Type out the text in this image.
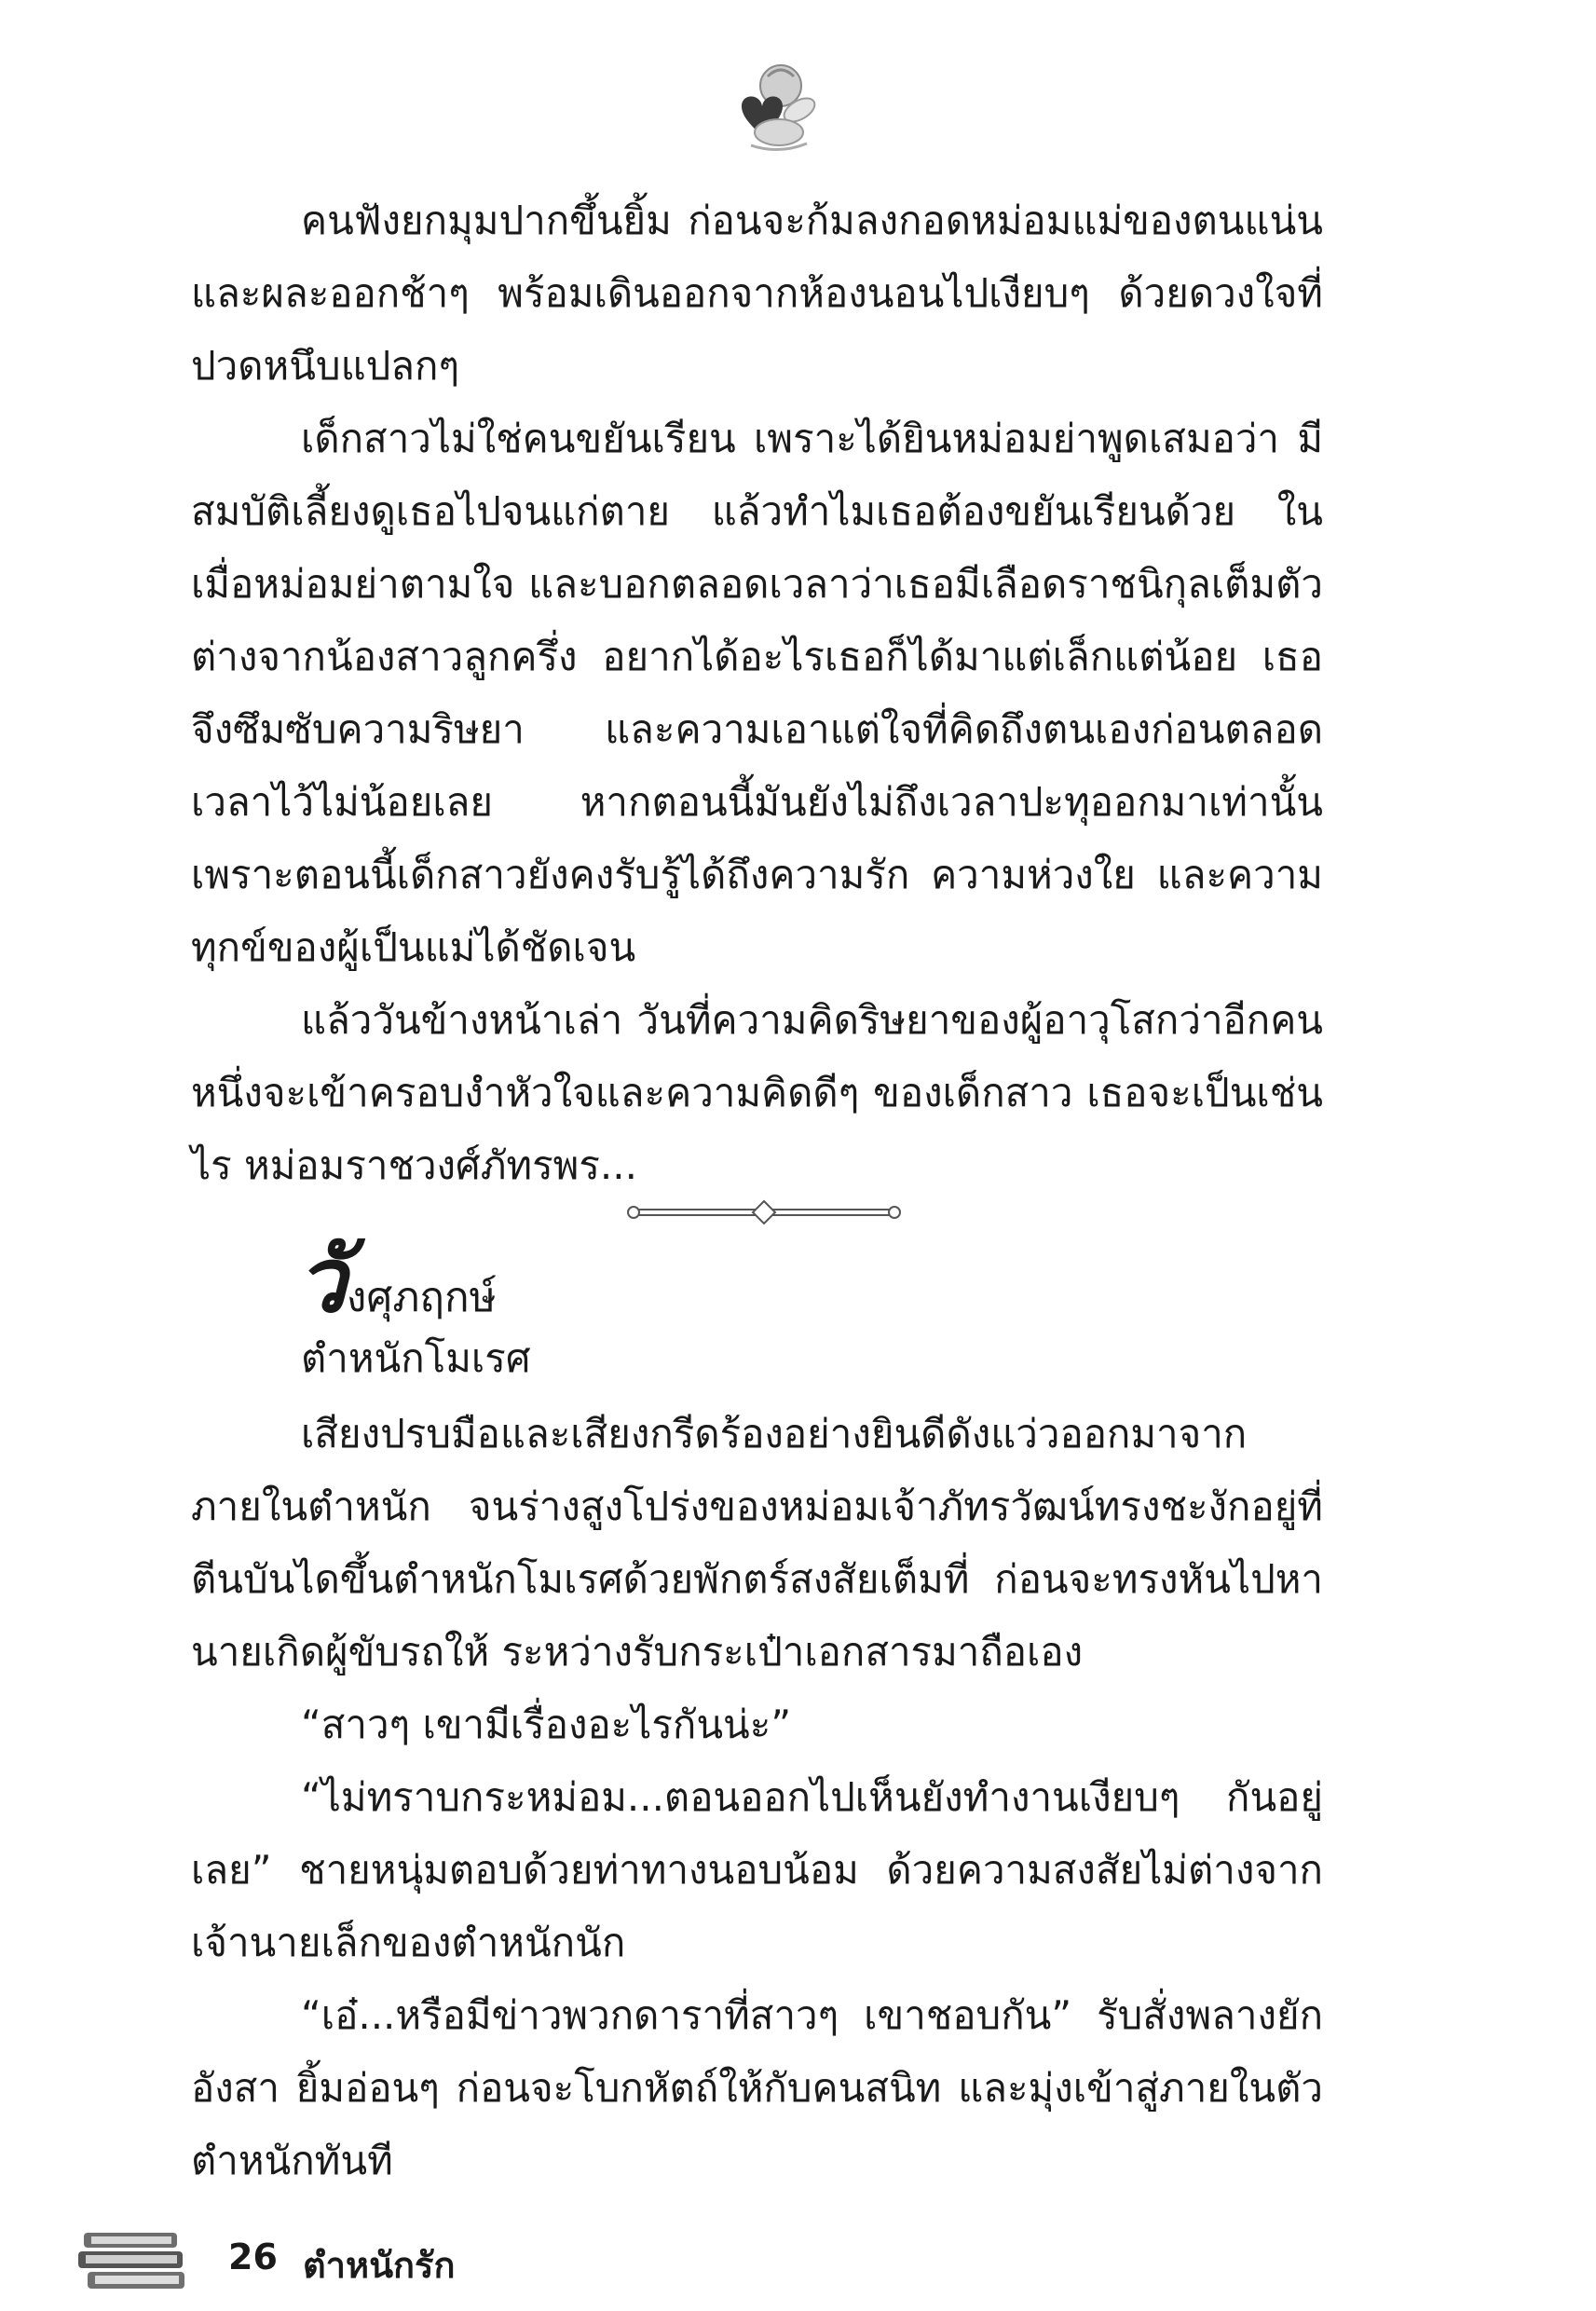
คนฟังยกมุมปากขึ้นยิ้ม ก่อนจะก้มลงกอดหม่อมแม่ของตนแน่นและผละออกช้าๆ พร้อมเดินออกจากห้องนอนไปเงียบๆ ด้วยดวงใจที่ปวดหนึบแปลกๆ

เด็กสาวไม่ใช่คนขยันเรียน เพราะได้ยินหม่อมย่าพูดเสมอว่า มีสมบัติเลี้ยงดูเธอไปจนแก่ตาย แล้วทำไมเธอต้องขยันเรียนด้วย ในเมื่อหม่อมย่าตามใจ และบอกตลอดเวลาว่าเธอมีเลือดราชนิกุลเต็มตัว ต่างจากน้องสาวลูกครึ่ง อยากได้อะไรเธอก็ได้มาแต่เล็กแต่น้อย เธอจึงซึมซับความริษยา และความเอาแต่ใจที่คิดถึงตนเองก่อนตลอดเวลาไว้ไม่น้อยเลย หากตอนนี้มันยังไม่ถึงเวลาปะทุออกมาเท่านั้น เพราะตอนนี้เด็กสาวยังคงรับรู้ได้ถึงความรัก ความห่วงใย และความทุกข์ของผู้เป็นแม่ได้ชัดเจน

แล้ววันข้างหน้าเล่า วันที่ความคิดริษยาของผู้อาวุโสกว่าอีกคนหนึ่งจะเข้าครอบงำหัวใจและความคิดดีๆ ของเด็กสาว เธอจะเป็นเช่นไร หม่อมราชวงศ์ภัทรพร...

วังศุภฤกษ์
ตำหนักโมเรศ

เสียงปรบมือและเสียงกรีดร้องอย่างยินดีดังแว่วออกมาจากภายในตำหนัก จนร่างสูงโปร่งของหม่อมเจ้าภัทรวัฒน์ทรงชะงักอยู่ที่ตีนบันไดขึ้นตำหนักโมเรศด้วยพักตร์สงสัยเต็มที่ ก่อนจะทรงหันไปหานายเกิดผู้ขับรถให้ ระหว่างรับกระเป๋าเอกสารมาถือเอง

“สาวๆ เขามีเรื่องอะไรกันน่ะ”

“ไม่ทราบกระหม่อม...ตอนออกไปเห็นยังทำงานเงียบๆ กันอยู่เลย” ชายหนุ่มตอบด้วยท่าทางนอบน้อม ด้วยความสงสัยไม่ต่างจากเจ้านายเล็กของตำหนักนัก

“เอ๋...หรือมีข่าวพวกดาราที่สาวๆ เขาชอบกัน” รับสั่งพลางยักอังสา ยิ้มอ่อนๆ ก่อนจะโบกหัตถ์ให้กับคนสนิท และมุ่งเข้าสู่ภายในตัวตำหนักทันที

26 ตำหนักรัก
